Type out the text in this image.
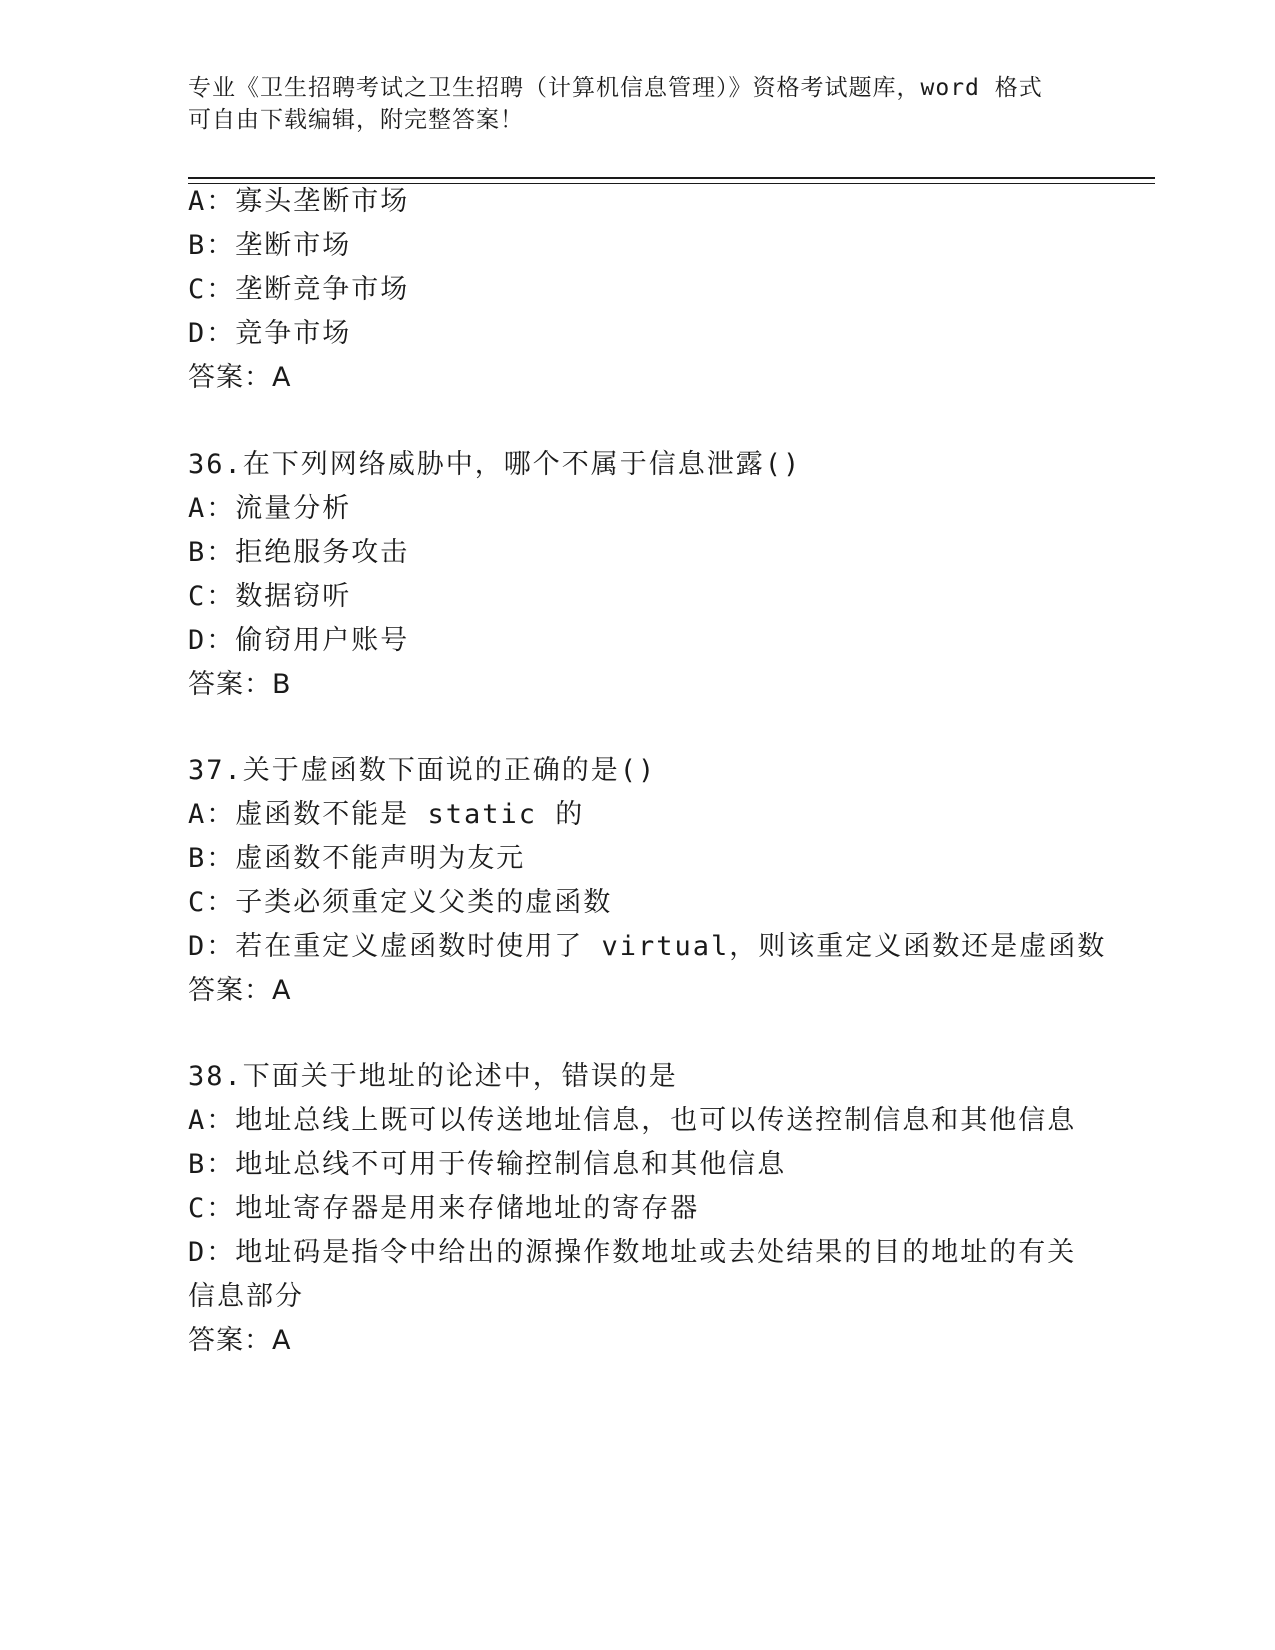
专业《卫生招聘考试之卫生招聘（计算机信息管理）》资格考试题库，word 格式
可自由下载编辑，附完整答案！
A：寡头垄断市场
B：垄断市场
C：垄断竞争市场
D：竞争市场
答案：A
36.在下列网络威胁中，哪个不属于信息泄露()
A：流量分析
B：拒绝服务攻击
C：数据窃听
D：偷窃用户账号
答案：B
37.关于虚函数下面说的正确的是()
A：虚函数不能是 static 的
B：虚函数不能声明为友元
C：子类必须重定义父类的虚函数
D：若在重定义虚函数时使用了 virtual，则该重定义函数还是虚函数
答案：A
38.下面关于地址的论述中，错误的是
A：地址总线上既可以传送地址信息，也可以传送控制信息和其他信息
B：地址总线不可用于传输控制信息和其他信息
C：地址寄存器是用来存储地址的寄存器
D：地址码是指令中给出的源操作数地址或去处结果的目的地址的有关
信息部分
答案：A
